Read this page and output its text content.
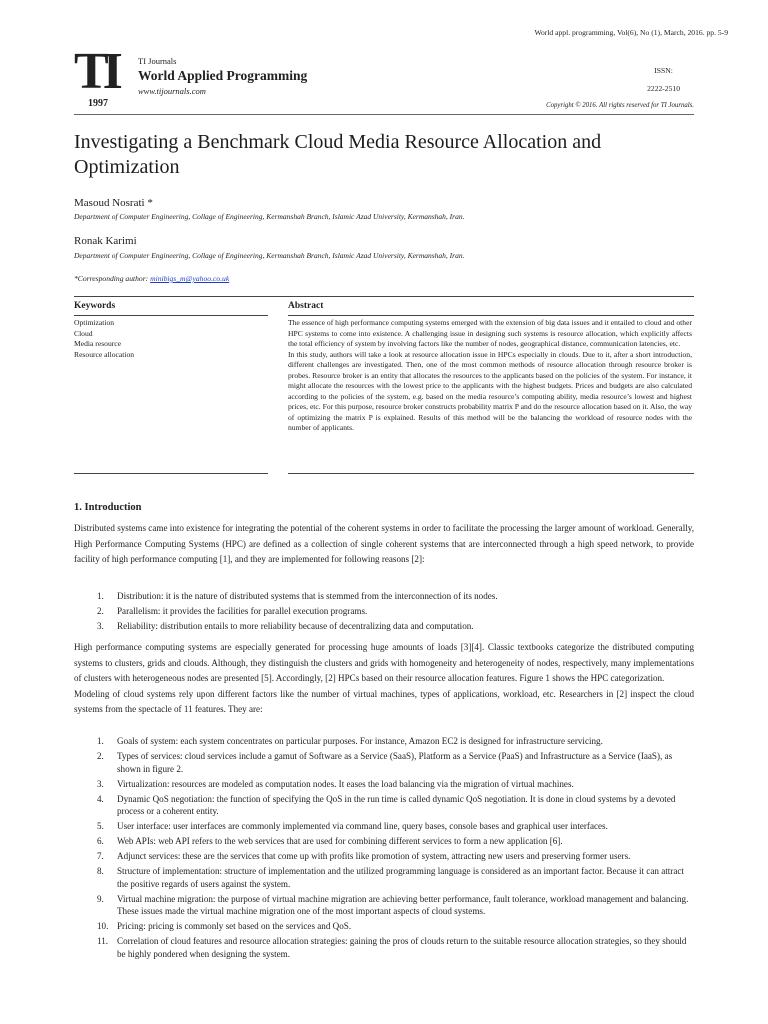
World appl. programming, Vol(6), No (1), March, 2016. pp. 5-9
TI
1997
TI Journals
World Applied Programming
www.tijournals.com
ISSN:
2222-2510
Copyright © 2016. All rights reserved for TI Journals.
Investigating a Benchmark Cloud Media Resource Allocation and Optimization
Masoud Nosrati *
Department of Computer Engineering, Collage of Engineering, Kermanshah Branch, Islamic Azad University, Kermanshah, Iran.
Ronak Karimi
Department of Computer Engineering, Collage of Engineering, Kermanshah Branch, Islamic Azad University, Kermanshah, Iran.
*Corresponding author: minibigs_m@yahoo.co.uk
Keywords	Abstract
Optimization
Cloud
Media resource
Resource allocation

The essence of high performance computing systems emerged with the extension of big data issues and it entailed to cloud and other HPC systems to come into existence. A challenging issue in designing such systems is resource allocation, which explicitly affects the total efficiency of system by involving factors like the number of nodes, geographical distance, communication latencies, etc.

In this study, authors will take a look at resource allocation issue in HPCs especially in clouds. Due to it, after a short introduction, different challenges are investigated. Then, one of the most common methods of resource allocation through resource broker is probes. Resource broker is an entity that allocates the resources to the applicants based on the policies of the system. For instance, it might allocate the resources with the lowest price to the applicants with the highest budgets. Prices and budgets are also calculated according to the policies of the system, e.g. based on the media resource’s computing ability, media resource’s lowest and highest prices, etc. For this purpose, resource broker constructs probability matrix P and do the resource allocation based on it. Also, the way of optimizing the matrix P is explained. Results of this method will be the balancing the workload of resource nodes with the number of applicants.

1. Introduction

Distributed systems came into existence for integrating the potential of the coherent systems in order to facilitate the processing the larger amount of workload. Generally, High Performance Computing Systems (HPC) are defined as a collection of single coherent systems that are interconnected through a high speed network, to provide facility of high performance computing [1], and they are implemented for following reasons [2]:

1.	Distribution: it is the nature of distributed systems that is stemmed from the interconnection of its nodes.
2.	Parallelism: it provides the facilities for parallel execution programs.
3.	Reliability: distribution entails to more reliability because of decentralizing data and computation.

High performance computing systems are especially generated for processing huge amounts of loads [3][4]. Classic textbooks categorize the distributed computing systems to clusters, grids and clouds. Although, they distinguish the clusters and grids with homogeneity and heterogeneity of nodes, respectively, many implementations of clusters with heterogeneous nodes are presented [5]. Accordingly, [2] HPCs based on their resource allocation features. Figure 1 shows the HPC categorization.

Modeling of cloud systems rely upon different factors like the number of virtual machines, types of applications, workload, etc. Researchers in [2] inspect the cloud systems from the spectacle of 11 features. They are:

1.	Goals of system: each system concentrates on particular purposes. For instance, Amazon EC2 is designed for infrastructure servicing.
2.	Types of services: cloud services include a gamut of Software as a Service (SaaS), Platform as a Service (PaaS) and Infrastructure as a Service (IaaS), as shown in figure 2.
3.	Virtualization: resources are modeled as computation nodes. It eases the load balancing via the migration of virtual machines.
4.	Dynamic QoS negotiation: the function of specifying the QoS in the run time is called dynamic QoS negotiation. It is done in cloud systems by a devoted process or a coherent entity.
5.	User interface: user interfaces are commonly implemented via command line, query bases, console bases and graphical user interfaces.
6.	Web APIs: web API refers to the web services that are used for combining different services to form a new application [6].
7.	Adjunct services: these are the services that come up with profits like promotion of system, attracting new users and preserving former users.
8.	Structure of implementation: structure of implementation and the utilized programming language is considered as an important factor. Because it can attract the positive regards of users against the system.
9.	Virtual machine migration: the purpose of virtual machine migration are achieving better performance, fault tolerance, workload management and balancing. These issues made the virtual machine migration one of the most important aspects of cloud systems.
10. Pricing: pricing is commonly set based on the services and QoS.
11. Correlation of cloud features and resource allocation strategies: gaining the pros of clouds return to the suitable resource allocation strategies, so they should be highly pondered when designing the system.
